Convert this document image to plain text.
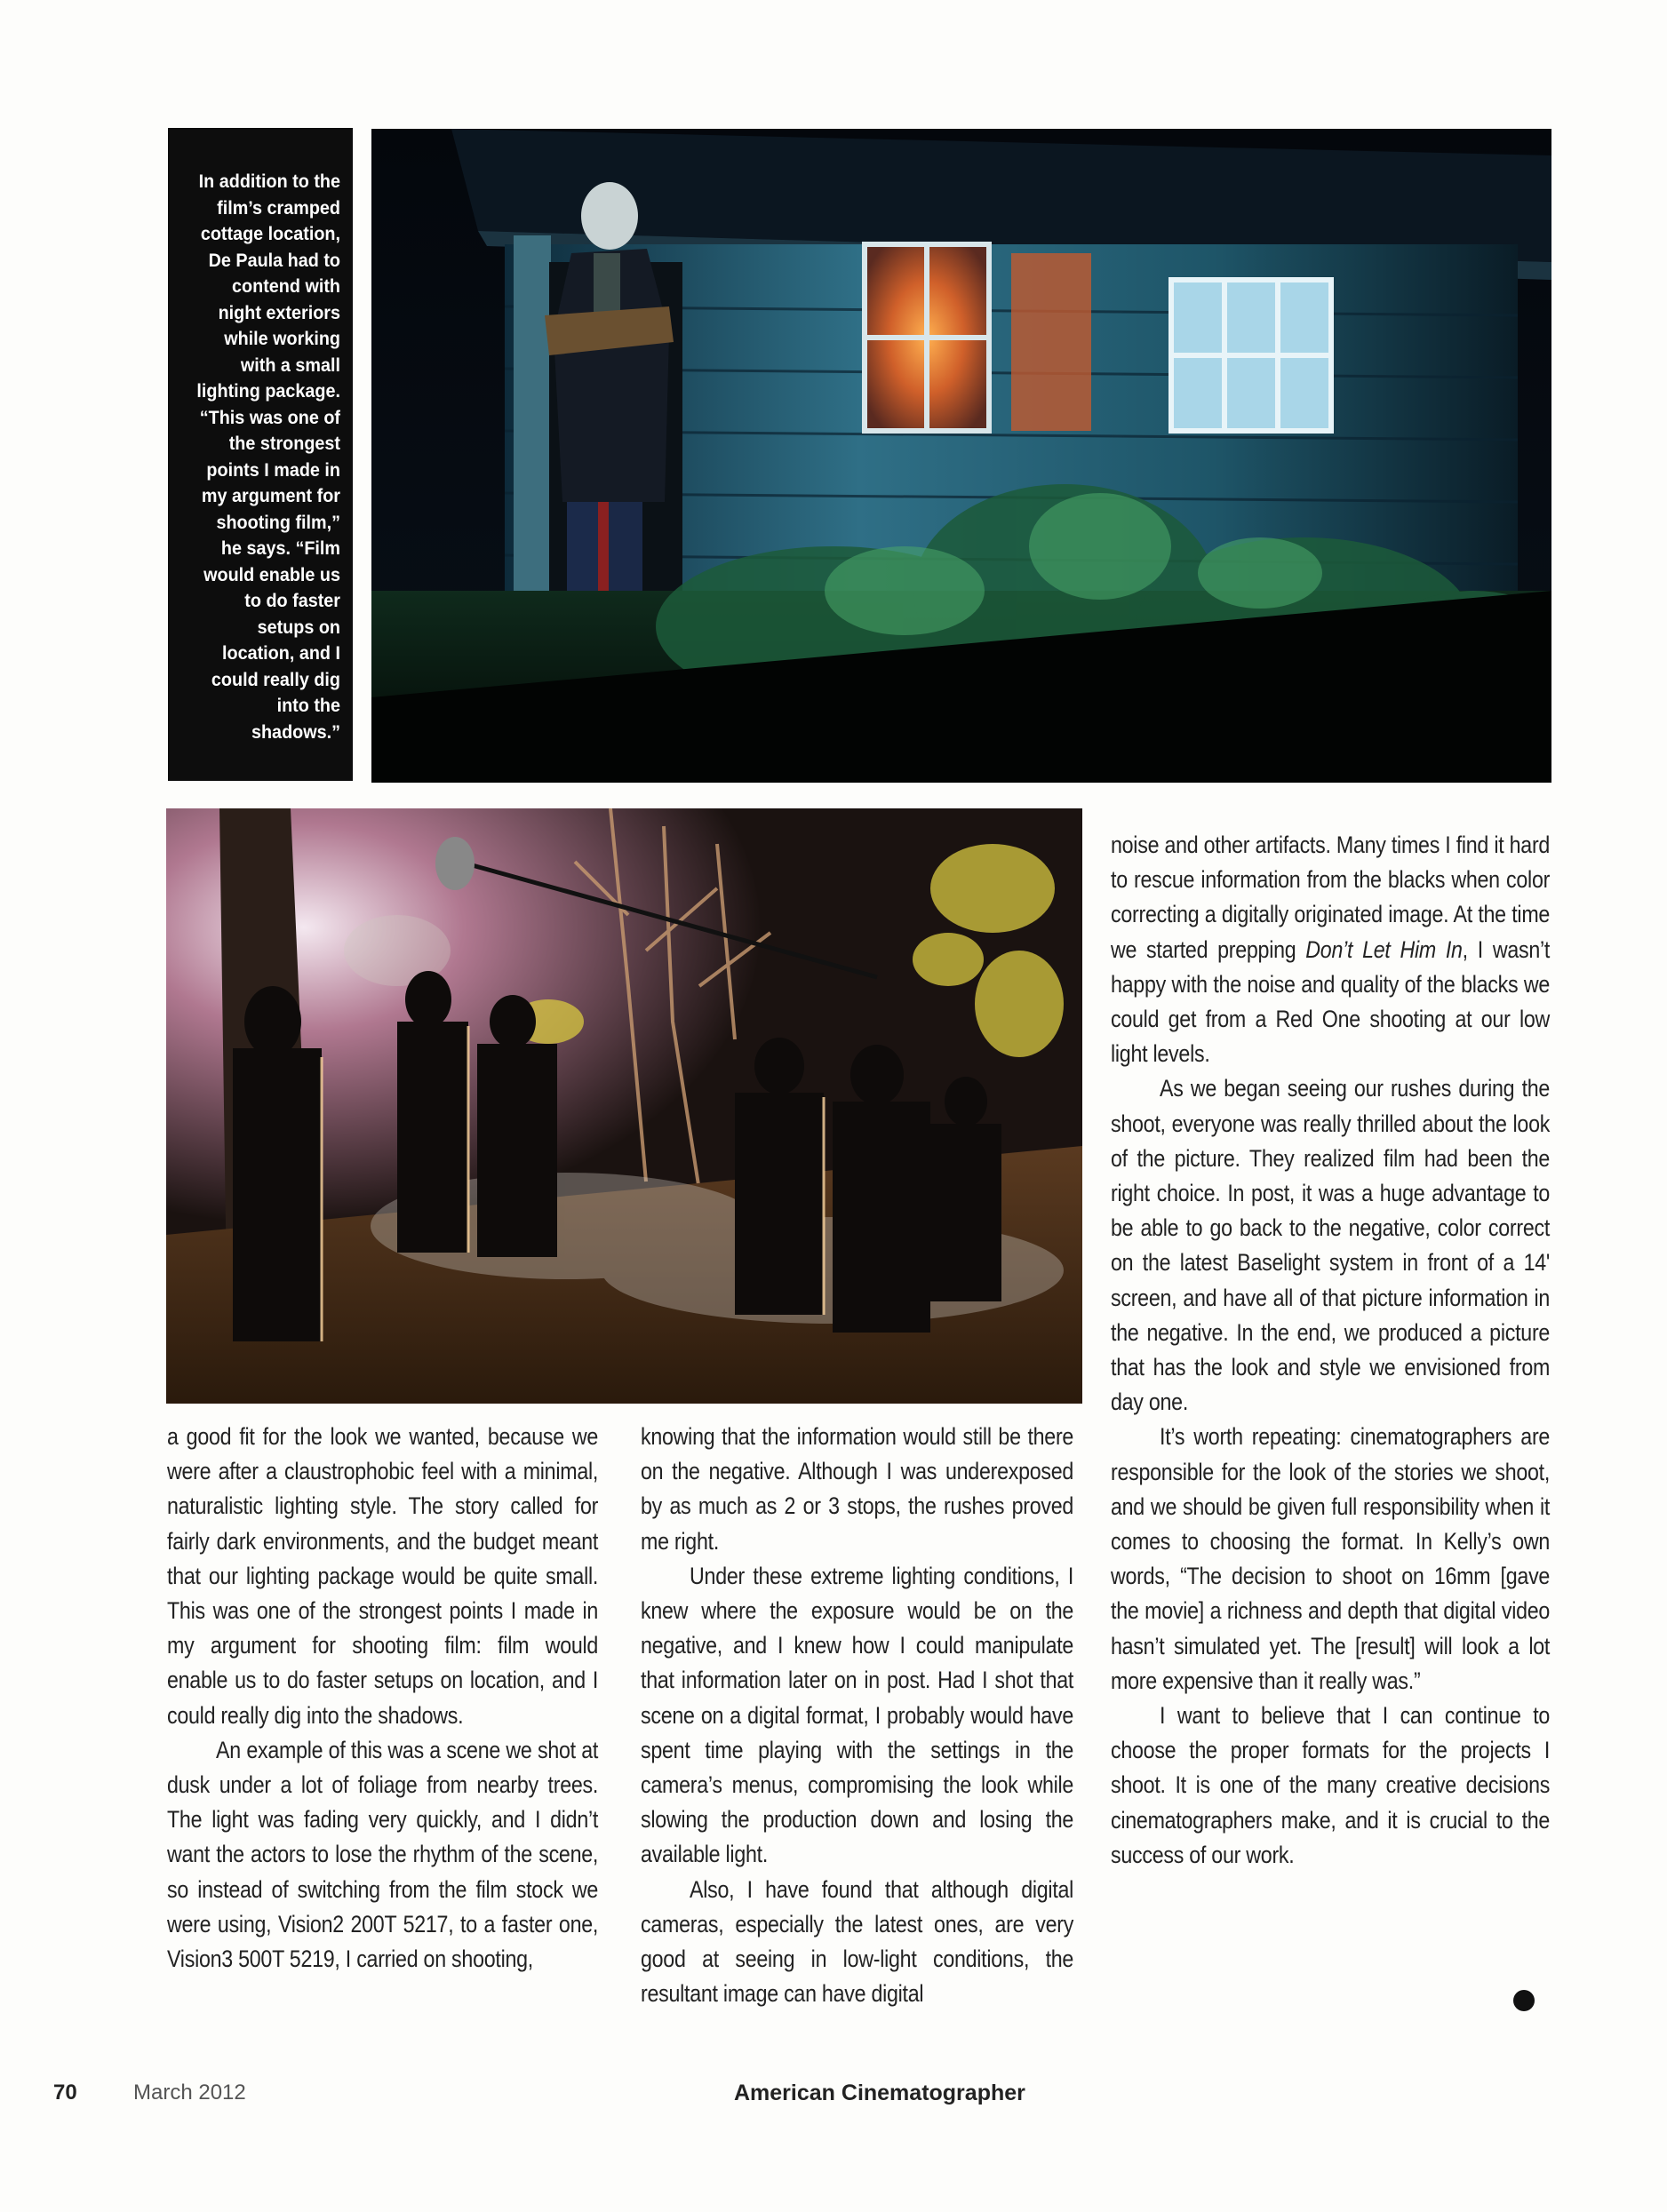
In addition to the
film’s cramped
cottage location,
De Paula had to
contend with
night exteriors
while working
with a small
lighting package.
“This was one of
the strongest
points I made in
my argument for
shooting film,”
he says. “Film
would enable us
to do faster
setups on
location, and I
could really dig
into the
shadows.”

a good fit for the look we wanted, because we were after a claustrophobic feel with a minimal, naturalistic lighting style. The story called for fairly dark environments, and the budget meant that our lighting package would be quite small. This was one of the strongest points I made in my argument for shooting film: film would enable us to do faster setups on location, and I could really dig into the shadows.

An example of this was a scene we shot at dusk under a lot of foliage from nearby trees. The light was fading very quickly, and I didn’t want the actors to lose the rhythm of the scene, so instead of switching from the film stock we were using, Vision2 200T 5217, to a faster one, Vision3 500T 5219, I carried on shooting,

knowing that the information would still be there on the negative. Although I was underexposed by as much as 2 or 3 stops, the rushes proved me right.

Under these extreme lighting conditions, I knew where the exposure would be on the negative, and I knew how I could manipulate that information later on in post. Had I shot that scene on a digital format, I probably would have spent time playing with the settings in the camera’s menus, compromising the look while slowing the production down and losing the available light.

Also, I have found that although digital cameras, especially the latest ones, are very good at seeing in low-light conditions, the resultant image can have digital

noise and other artifacts. Many times I find it hard to rescue information from the blacks when color correcting a digitally originated image. At the time we started prepping Don’t Let Him In, I wasn’t happy with the noise and quality of the blacks we could get from a Red One shooting at our low light levels.

As we began seeing our rushes during the shoot, everyone was really thrilled about the look of the picture. They realized film had been the right choice. In post, it was a huge advantage to be able to go back to the negative, color correct on the latest Baselight system in front of a 14' screen, and have all of that picture information in the negative. In the end, we produced a picture that has the look and style we envisioned from day one.

It’s worth repeating: cinematographers are responsible for the look of the stories we shoot, and we should be given full responsibility when it comes to choosing the format. In Kelly’s own words, “The decision to shoot on 16mm [gave the movie] a richness and depth that digital video hasn’t simulated yet. The [result] will look a lot more expensive than it really was.”

I want to believe that I can continue to choose the proper formats for the projects I shoot. It is one of the many creative decisions cinematographers make, and it is crucial to the success of our work.

70	March 2012	American Cinematographer
